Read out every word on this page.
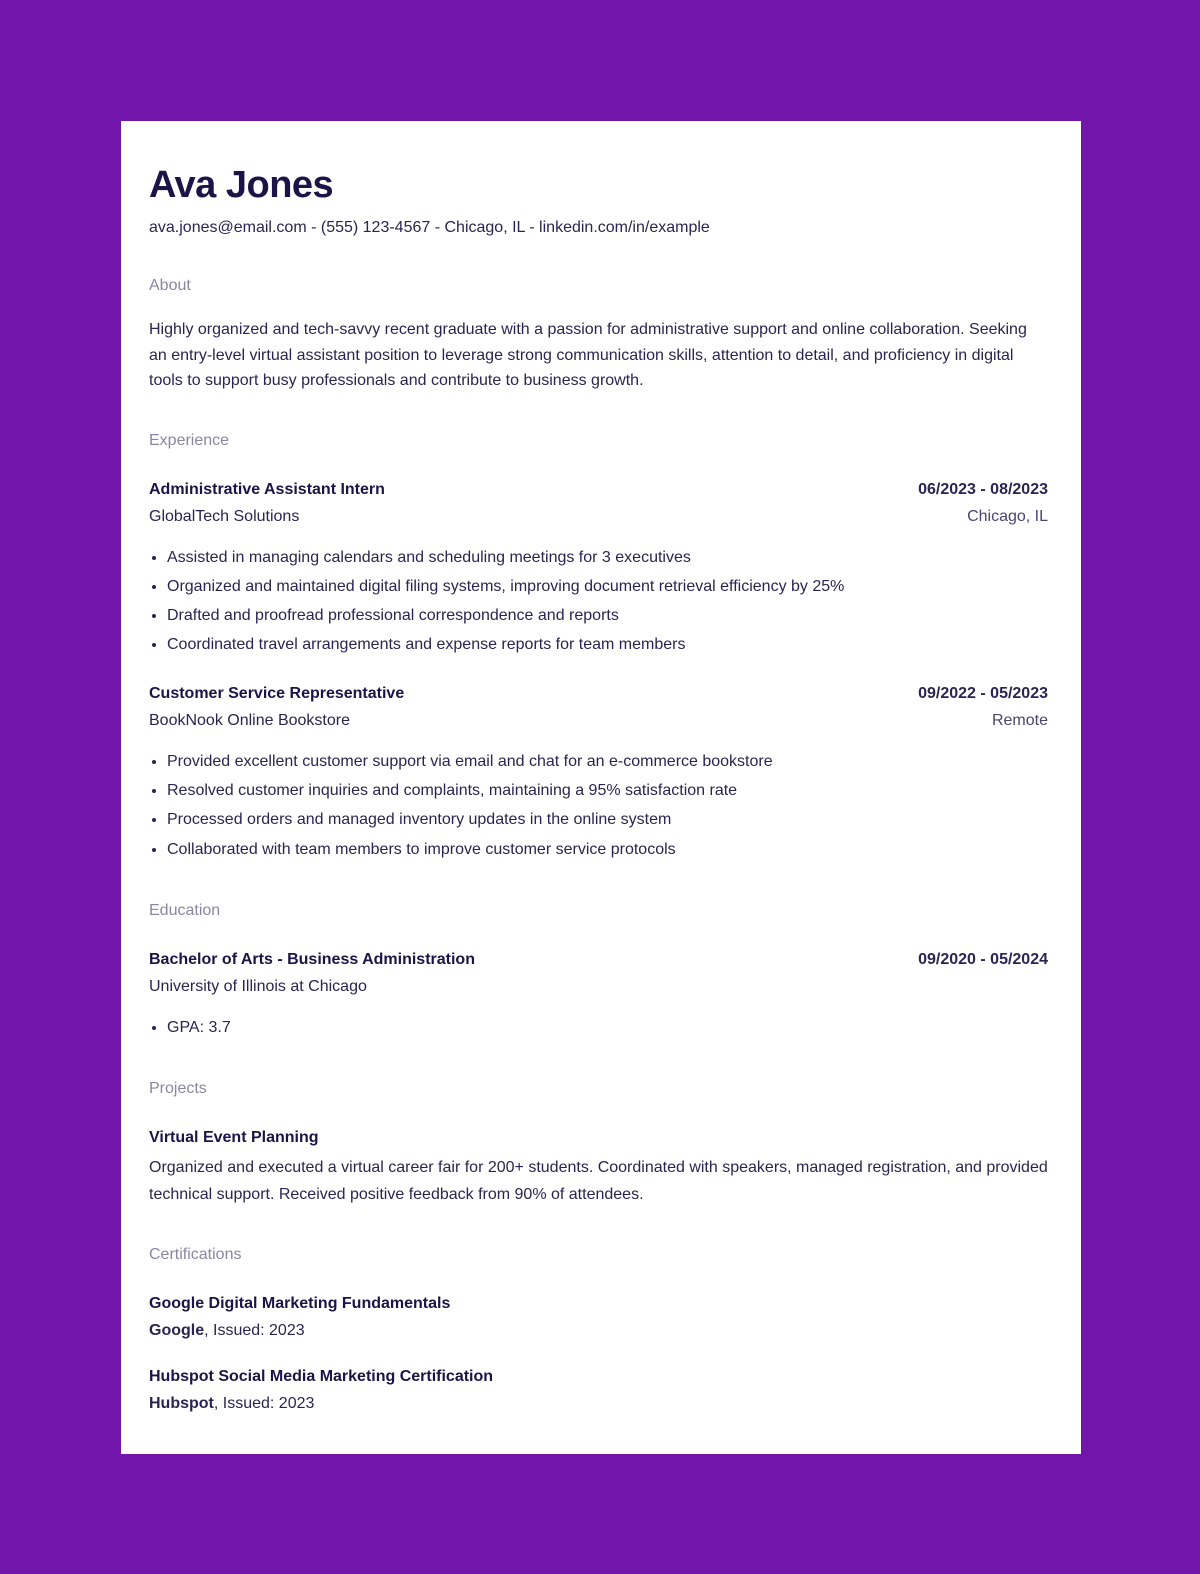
Ava Jones
ava.jones@email.com - (555) 123-4567 - Chicago, IL - linkedin.com/in/example
About
Highly organized and tech-savvy recent graduate with a passion for administrative support and online collaboration. Seeking an entry-level virtual assistant position to leverage strong communication skills, attention to detail, and proficiency in digital tools to support busy professionals and contribute to business growth.
Experience
Administrative Assistant Intern	06/2023 - 08/2023
GlobalTech Solutions	Chicago, IL
• Assisted in managing calendars and scheduling meetings for 3 executives
• Organized and maintained digital filing systems, improving document retrieval efficiency by 25%
• Drafted and proofread professional correspondence and reports
• Coordinated travel arrangements and expense reports for team members
Customer Service Representative	09/2022 - 05/2023
BookNook Online Bookstore	Remote
• Provided excellent customer support via email and chat for an e-commerce bookstore
• Resolved customer inquiries and complaints, maintaining a 95% satisfaction rate
• Processed orders and managed inventory updates in the online system
• Collaborated with team members to improve customer service protocols
Education
Bachelor of Arts - Business Administration	09/2020 - 05/2024
University of Illinois at Chicago
• GPA: 3.7
Projects
Virtual Event Planning
Organized and executed a virtual career fair for 200+ students. Coordinated with speakers, managed registration, and provided technical support. Received positive feedback from 90% of attendees.
Certifications
Google Digital Marketing Fundamentals
Google, Issued: 2023
Hubspot Social Media Marketing Certification
Hubspot, Issued: 2023
